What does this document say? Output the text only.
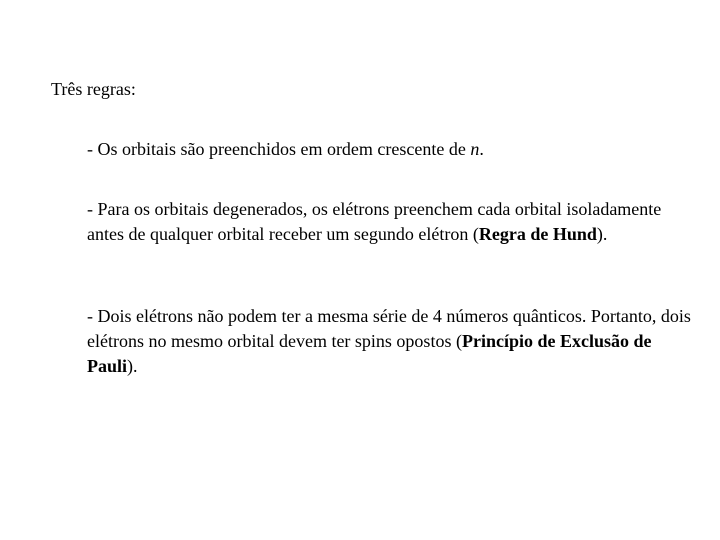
Três regras:

- Os orbitais são preenchidos em ordem crescente de n.

- Para os orbitais degenerados, os elétrons preenchem cada orbital isoladamente antes de qualquer orbital receber um segundo elétron (Regra de Hund).

- Dois elétrons não podem ter a mesma série de 4 números quânticos. Portanto, dois elétrons no mesmo orbital devem ter spins opostos (Princípio de Exclusão de Pauli).
